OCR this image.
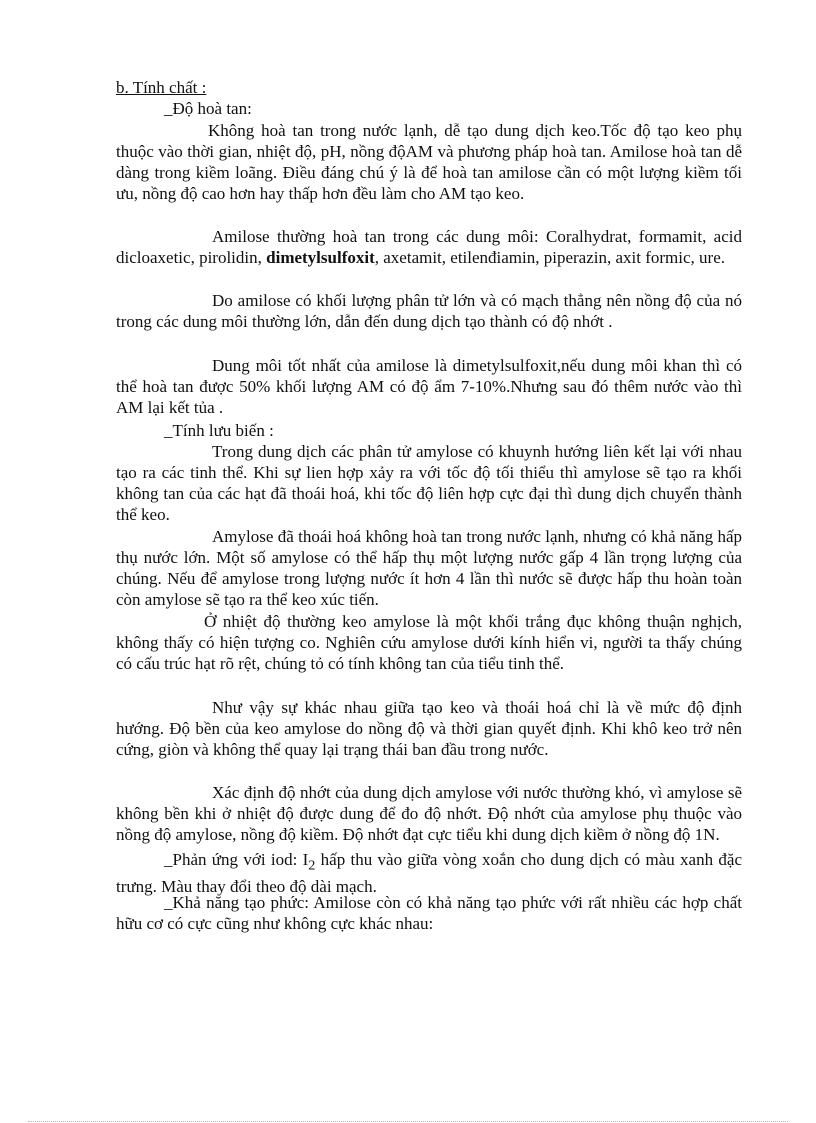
b. Tính chất :

_Độ hoà tan:

Không hoà tan trong nước lạnh, dễ tạo dung dịch keo.Tốc độ tạo keo phụ thuộc vào thời gian, nhiệt độ, pH, nồng độAM và phương pháp hoà tan. Amilose hoà tan dễ dàng trong kiềm loãng. Điều đáng chú ý là để hoà tan amilose cần có một lượng kiềm tối ưu, nồng độ cao hơn hay thấp hơn đều làm cho AM tạo keo.

Amilose thường hoà tan trong các dung môi: Coralhydrat, formamit, acid dicloaxetic, pirolidin, dimetylsulfoxit, axetamit, etilenđiamin, piperazin, axit formic, ure.

Do amilose có khối lượng phân tử lớn và có mạch thẳng nên nồng độ của nó trong các dung môi thường lớn, dẫn đến dung dịch tạo thành có độ nhớt .

Dung môi tốt nhất của amilose là dimetylsulfoxit,nếu dung môi khan thì có thể hoà tan được 50% khối lượng AM có độ ẩm 7-10%.Nhưng sau đó thêm nước vào thì AM lại kết tủa .

_Tính lưu biến :

Trong dung dịch các phân tử amylose có khuynh hướng liên kết lại với nhau tạo ra các tinh thể. Khi sự lien hợp xảy ra với tốc độ tối thiểu thì amylose sẽ tạo ra khối không tan của các hạt đã thoái hoá, khi tốc độ liên hợp cực đại thì dung dịch chuyển thành thể keo.

Amylose đã thoái hoá không hoà tan trong nước lạnh, nhưng có khả năng hấp thụ nước lớn. Một số amylose có thể hấp thụ một lượng nước gấp 4 lần trọng lượng của chúng. Nếu để amylose trong lượng nước ít hơn 4 lần thì nước sẽ được hấp thu hoàn toàn còn amylose sẽ tạo ra thể keo xúc tiến.

Ở nhiệt độ thường keo amylose là một khối trắng đục không thuận nghịch, không thấy có hiện tượng co. Nghiên cứu amylose dưới kính hiển vi, người ta thấy chúng có cấu trúc hạt rõ rệt, chúng tỏ có tính không tan của tiểu tinh thể.

Như vậy sự khác nhau giữa tạo keo và thoái hoá chỉ là về mức độ định hướng. Độ bền của keo amylose do nồng độ và thời gian quyết định. Khi khô keo trở nên cứng, giòn và không thể quay lại trạng thái ban đầu trong nước.

Xác định độ nhớt của dung dịch amylose với nước thường khó, vì amylose sẽ không bền khi ở nhiệt độ được dung để đo độ nhớt. Độ nhớt của amylose phụ thuộc vào nồng độ amylose, nồng độ kiềm. Độ nhớt đạt cực tiểu khi dung dịch kiềm ở nồng độ 1N.

_Phản ứng với iod: $I_2$ hấp thu vào giữa vòng xoắn cho dung dịch có màu xanh đặc trưng. Màu thay đổi theo độ dài mạch.

_Khả năng tạo phức: Amilose còn có khả năng tạo phức với rất nhiều các hợp chất hữu cơ có cực cũng như không cực khác nhau:
